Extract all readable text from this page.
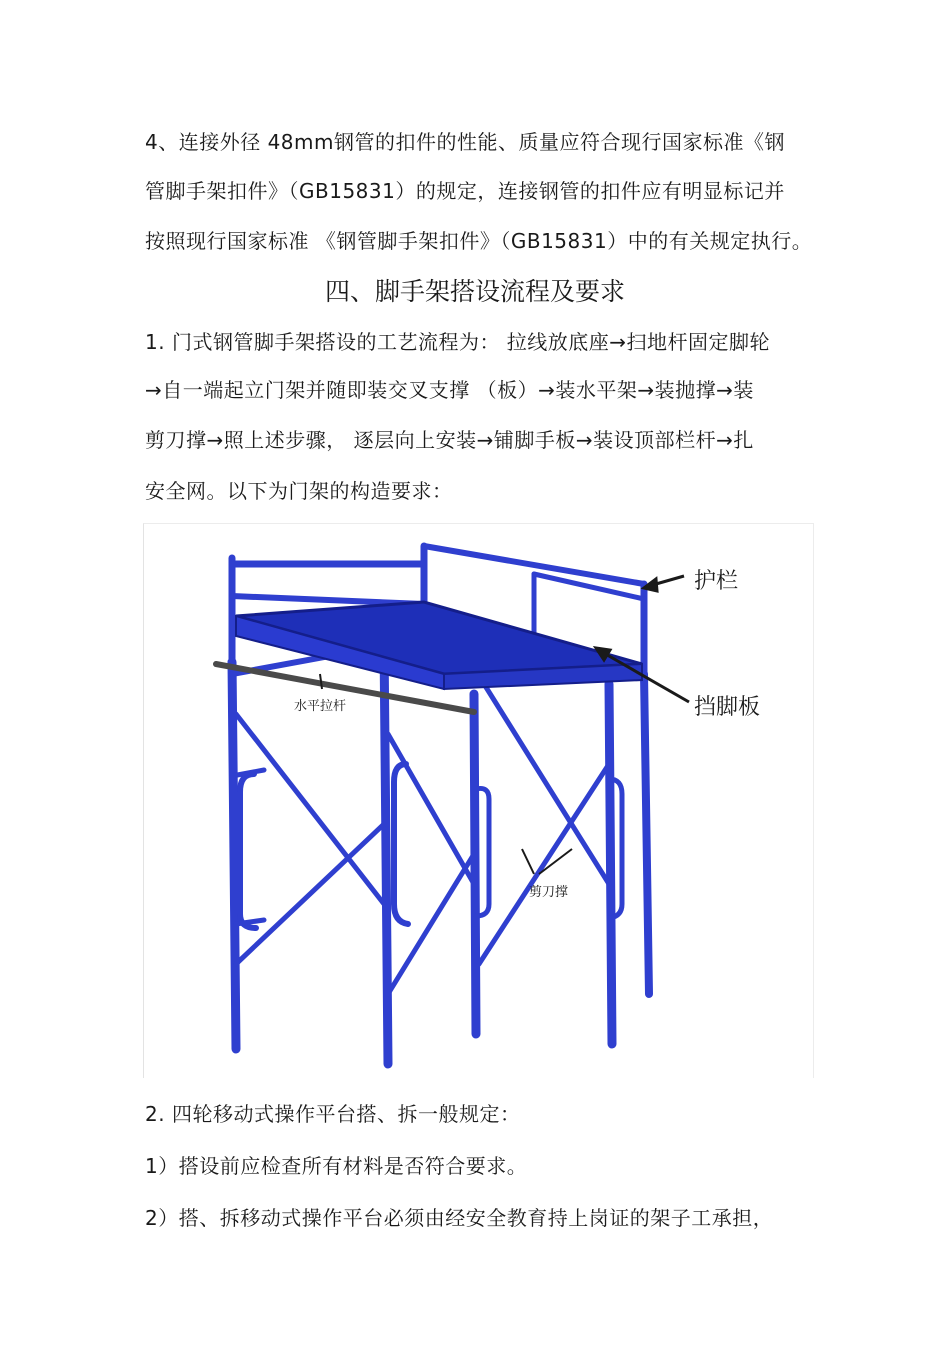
4、连接外径 48mm钢管的扣件的性能、质量应符合现行国家标准《钢
管脚手架扣件》（GB15831）的规定，连接钢管的扣件应有明显标记并
按照现行国家标准 《钢管脚手架扣件》（GB15831）中的有关规定执行。
四、脚手架搭设流程及要求
1. 门式钢管脚手架搭设的工艺流程为： 拉线放底座→扫地杆固定脚轮
→自一端起立门架并随即装交叉支撑 （板）→装水平架→装抛撑→装
剪刀撑→照上述步骤， 逐层向上安装→铺脚手板→装设顶部栏杆→扎
安全网。以下为门架的构造要求：
护栏
挡脚板
水平拉杆
剪刀撑
2. 四轮移动式操作平台搭、拆一般规定：
1）搭设前应检查所有材料是否符合要求。
2）搭、拆移动式操作平台必须由经安全教育持上岗证的架子工承担，
